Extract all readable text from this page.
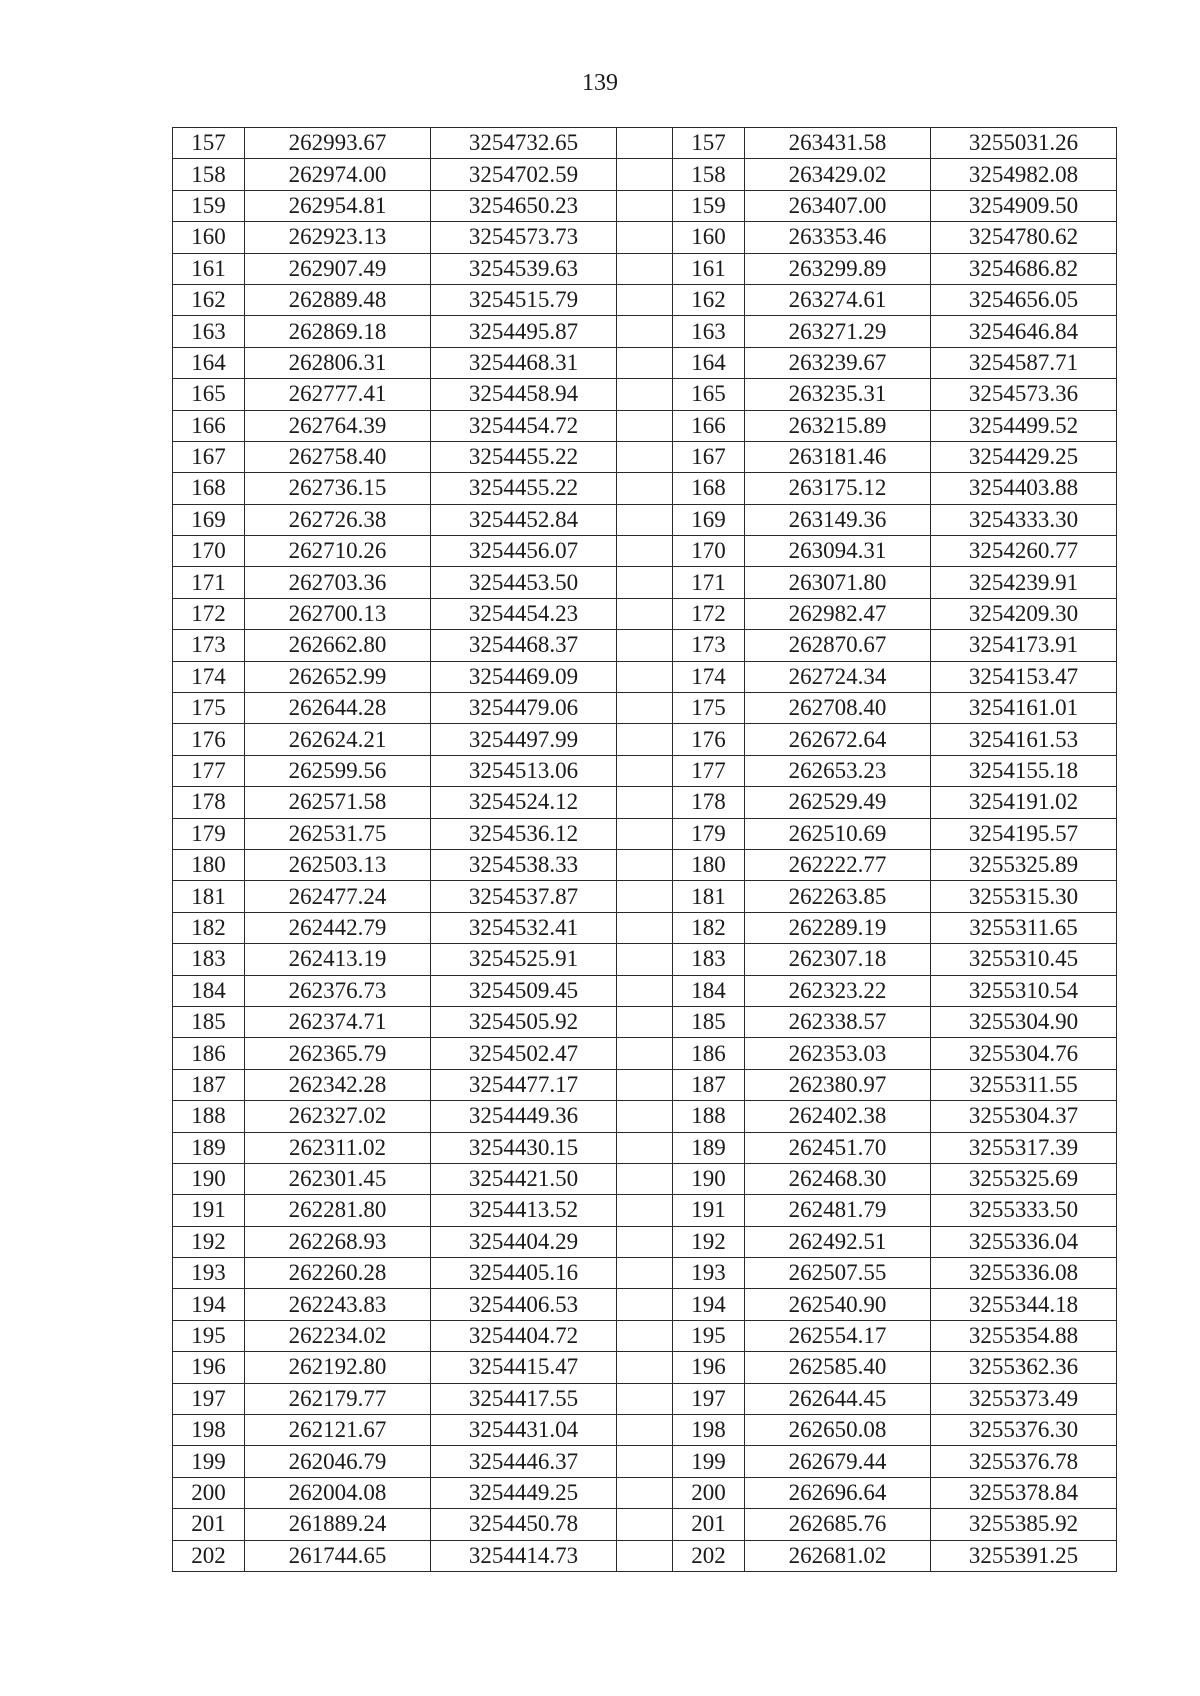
139
157	262993.67	3254732.65		157	263431.58	3255031.26
158	262974.00	3254702.59		158	263429.02	3254982.08
159	262954.81	3254650.23		159	263407.00	3254909.50
160	262923.13	3254573.73		160	263353.46	3254780.62
161	262907.49	3254539.63		161	263299.89	3254686.82
162	262889.48	3254515.79		162	263274.61	3254656.05
163	262869.18	3254495.87		163	263271.29	3254646.84
164	262806.31	3254468.31		164	263239.67	3254587.71
165	262777.41	3254458.94		165	263235.31	3254573.36
166	262764.39	3254454.72		166	263215.89	3254499.52
167	262758.40	3254455.22		167	263181.46	3254429.25
168	262736.15	3254455.22		168	263175.12	3254403.88
169	262726.38	3254452.84		169	263149.36	3254333.30
170	262710.26	3254456.07		170	263094.31	3254260.77
171	262703.36	3254453.50		171	263071.80	3254239.91
172	262700.13	3254454.23		172	262982.47	3254209.30
173	262662.80	3254468.37		173	262870.67	3254173.91
174	262652.99	3254469.09		174	262724.34	3254153.47
175	262644.28	3254479.06		175	262708.40	3254161.01
176	262624.21	3254497.99		176	262672.64	3254161.53
177	262599.56	3254513.06		177	262653.23	3254155.18
178	262571.58	3254524.12		178	262529.49	3254191.02
179	262531.75	3254536.12		179	262510.69	3254195.57
180	262503.13	3254538.33		180	262222.77	3255325.89
181	262477.24	3254537.87		181	262263.85	3255315.30
182	262442.79	3254532.41		182	262289.19	3255311.65
183	262413.19	3254525.91		183	262307.18	3255310.45
184	262376.73	3254509.45		184	262323.22	3255310.54
185	262374.71	3254505.92		185	262338.57	3255304.90
186	262365.79	3254502.47		186	262353.03	3255304.76
187	262342.28	3254477.17		187	262380.97	3255311.55
188	262327.02	3254449.36		188	262402.38	3255304.37
189	262311.02	3254430.15		189	262451.70	3255317.39
190	262301.45	3254421.50		190	262468.30	3255325.69
191	262281.80	3254413.52		191	262481.79	3255333.50
192	262268.93	3254404.29		192	262492.51	3255336.04
193	262260.28	3254405.16		193	262507.55	3255336.08
194	262243.83	3254406.53		194	262540.90	3255344.18
195	262234.02	3254404.72		195	262554.17	3255354.88
196	262192.80	3254415.47		196	262585.40	3255362.36
197	262179.77	3254417.55		197	262644.45	3255373.49
198	262121.67	3254431.04		198	262650.08	3255376.30
199	262046.79	3254446.37		199	262679.44	3255376.78
200	262004.08	3254449.25		200	262696.64	3255378.84
201	261889.24	3254450.78		201	262685.76	3255385.92
202	261744.65	3254414.73		202	262681.02	3255391.25
